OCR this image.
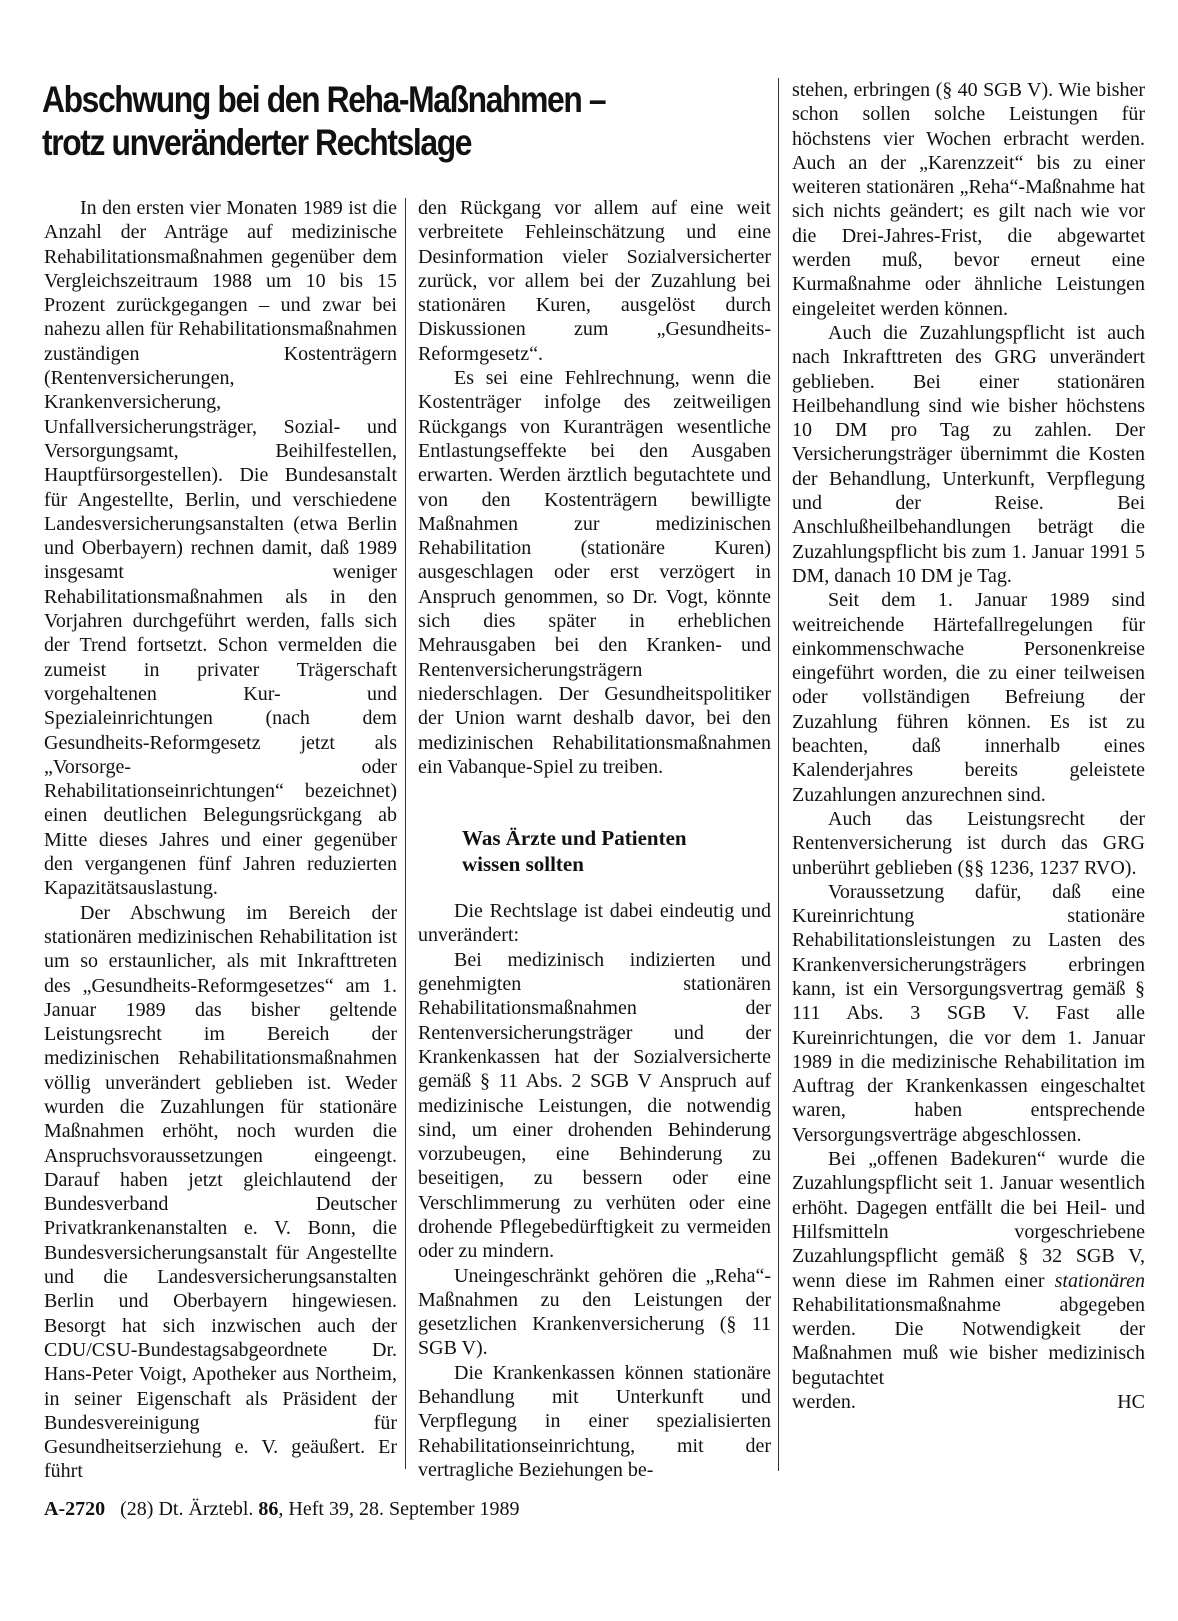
Abschwung bei den Reha-Maßnahmen –
trotz unveränderter Rechtslage

In den ersten vier Monaten 1989 ist die Anzahl der Anträge auf medizinische Rehabilitationsmaßnahmen gegenüber dem Vergleichszeitraum 1988 um 10 bis 15 Prozent zurückgegangen – und zwar bei nahezu allen für Rehabilitationsmaßnahmen zuständigen Kostenträgern (Rentenversicherungen, Krankenversicherung, Unfallversicherungsträger, Sozial- und Versorgungsamt, Beihilfestellen, Hauptfürsorgestellen). Die Bundesanstalt für Angestellte, Berlin, und verschiedene Landesversicherungsanstalten (etwa Berlin und Oberbayern) rechnen damit, daß 1989 insgesamt weniger Rehabilitationsmaßnahmen als in den Vorjahren durchgeführt werden, falls sich der Trend fortsetzt. Schon vermelden die zumeist in privater Trägerschaft vorgehaltenen Kur- und Spezialeinrichtungen (nach dem Gesundheits-Reformgesetz jetzt als „Vorsorge- oder Rehabilitationseinrichtungen“ bezeichnet) einen deutlichen Belegungsrückgang ab Mitte dieses Jahres und einer gegenüber den vergangenen fünf Jahren reduzierten Kapazitätsauslastung.

Der Abschwung im Bereich der stationären medizinischen Rehabilitation ist um so erstaunlicher, als mit Inkrafttreten des „Gesundheits-Reformgesetzes“ am 1. Januar 1989 das bisher geltende Leistungsrecht im Bereich der medizinischen Rehabilitationsmaßnahmen völlig unverändert geblieben ist. Weder wurden die Zuzahlungen für stationäre Maßnahmen erhöht, noch wurden die Anspruchsvoraussetzungen eingeengt. Darauf haben jetzt gleichlautend der Bundesverband Deutscher Privatkrankenanstalten e. V. Bonn, die Bundesversicherungsanstalt für Angestellte und die Landesversicherungsanstalten Berlin und Oberbayern hingewiesen. Besorgt hat sich inzwischen auch der CDU/CSU-Bundestagsabgeordnete Dr. Hans-Peter Voigt, Apotheker aus Northeim, in seiner Eigenschaft als Präsident der Bundesvereinigung für Gesundheitserziehung e. V. geäußert. Er führt

den Rückgang vor allem auf eine weit verbreitete Fehleinschätzung und eine Desinformation vieler Sozialversicherter zurück, vor allem bei der Zuzahlung bei stationären Kuren, ausgelöst durch Diskussionen zum „Gesundheits-Reformgesetz“.

Es sei eine Fehlrechnung, wenn die Kostenträger infolge des zeitweiligen Rückgangs von Kuranträgen wesentliche Entlastungseffekte bei den Ausgaben erwarten. Werden ärztlich begutachtete und von den Kostenträgern bewilligte Maßnahmen zur medizinischen Rehabilitation (stationäre Kuren) ausgeschlagen oder erst verzögert in Anspruch genommen, so Dr. Vogt, könnte sich dies später in erheblichen Mehrausgaben bei den Kranken- und Rentenversicherungsträgern niederschlagen. Der Gesundheitspolitiker der Union warnt deshalb davor, bei den medizinischen Rehabilitationsmaßnahmen ein Vabanque-Spiel zu treiben.

Was Ärzte und Patienten
wissen sollten

Die Rechtslage ist dabei eindeutig und unverändert:

Bei medizinisch indizierten und genehmigten stationären Rehabilitationsmaßnahmen der Rentenversicherungsträger und der Krankenkassen hat der Sozialversicherte gemäß § 11 Abs. 2 SGB V Anspruch auf medizinische Leistungen, die notwendig sind, um einer drohenden Behinderung vorzubeugen, eine Behinderung zu beseitigen, zu bessern oder eine Verschlimmerung zu verhüten oder eine drohende Pflegebedürftigkeit zu vermeiden oder zu mindern.

Uneingeschränkt gehören die „Reha“-Maßnahmen zu den Leistungen der gesetzlichen Krankenversicherung (§ 11 SGB V).

Die Krankenkassen können stationäre Behandlung mit Unterkunft und Verpflegung in einer spezialisierten Rehabilitationseinrichtung, mit der vertragliche Beziehungen be-

stehen, erbringen (§ 40 SGB V). Wie bisher schon sollen solche Leistungen für höchstens vier Wochen erbracht werden. Auch an der „Karenzzeit“ bis zu einer weiteren stationären „Reha“-Maßnahme hat sich nichts geändert; es gilt nach wie vor die Drei-Jahres-Frist, die abgewartet werden muß, bevor erneut eine Kurmaßnahme oder ähnliche Leistungen eingeleitet werden können.

Auch die Zuzahlungspflicht ist auch nach Inkrafttreten des GRG unverändert geblieben. Bei einer stationären Heilbehandlung sind wie bisher höchstens 10 DM pro Tag zu zahlen. Der Versicherungsträger übernimmt die Kosten der Behandlung, Unterkunft, Verpflegung und der Reise. Bei Anschlußheilbehandlungen beträgt die Zuzahlungspflicht bis zum 1. Januar 1991 5 DM, danach 10 DM je Tag.

Seit dem 1. Januar 1989 sind weitreichende Härtefallregelungen für einkommenschwache Personenkreise eingeführt worden, die zu einer teilweisen oder vollständigen Befreiung der Zuzahlung führen können. Es ist zu beachten, daß innerhalb eines Kalenderjahres bereits geleistete Zuzahlungen anzurechnen sind.

Auch das Leistungsrecht der Rentenversicherung ist durch das GRG unberührt geblieben (§§ 1236, 1237 RVO).

Voraussetzung dafür, daß eine Kureinrichtung stationäre Rehabilitationsleistungen zu Lasten des Krankenversicherungsträgers erbringen kann, ist ein Versorgungsvertrag gemäß § 111 Abs. 3 SGB V. Fast alle Kureinrichtungen, die vor dem 1. Januar 1989 in die medizinische Rehabilitation im Auftrag der Krankenkassen eingeschaltet waren, haben entsprechende Versorgungsverträge abgeschlossen.

Bei „offenen Badekuren“ wurde die Zuzahlungspflicht seit 1. Januar wesentlich erhöht. Dagegen entfällt die bei Heil- und Hilfsmitteln vorgeschriebene Zuzahlungspflicht gemäß § 32 SGB V, wenn diese im Rahmen einer stationären Rehabilitationsmaßnahme abgegeben werden. Die Notwendigkeit der Maßnahmen muß wie bisher medizinisch begutachtet

werden.	HC
A-2720 (28) Dt. Ärztebl. 86, Heft 39, 28. September 1989
